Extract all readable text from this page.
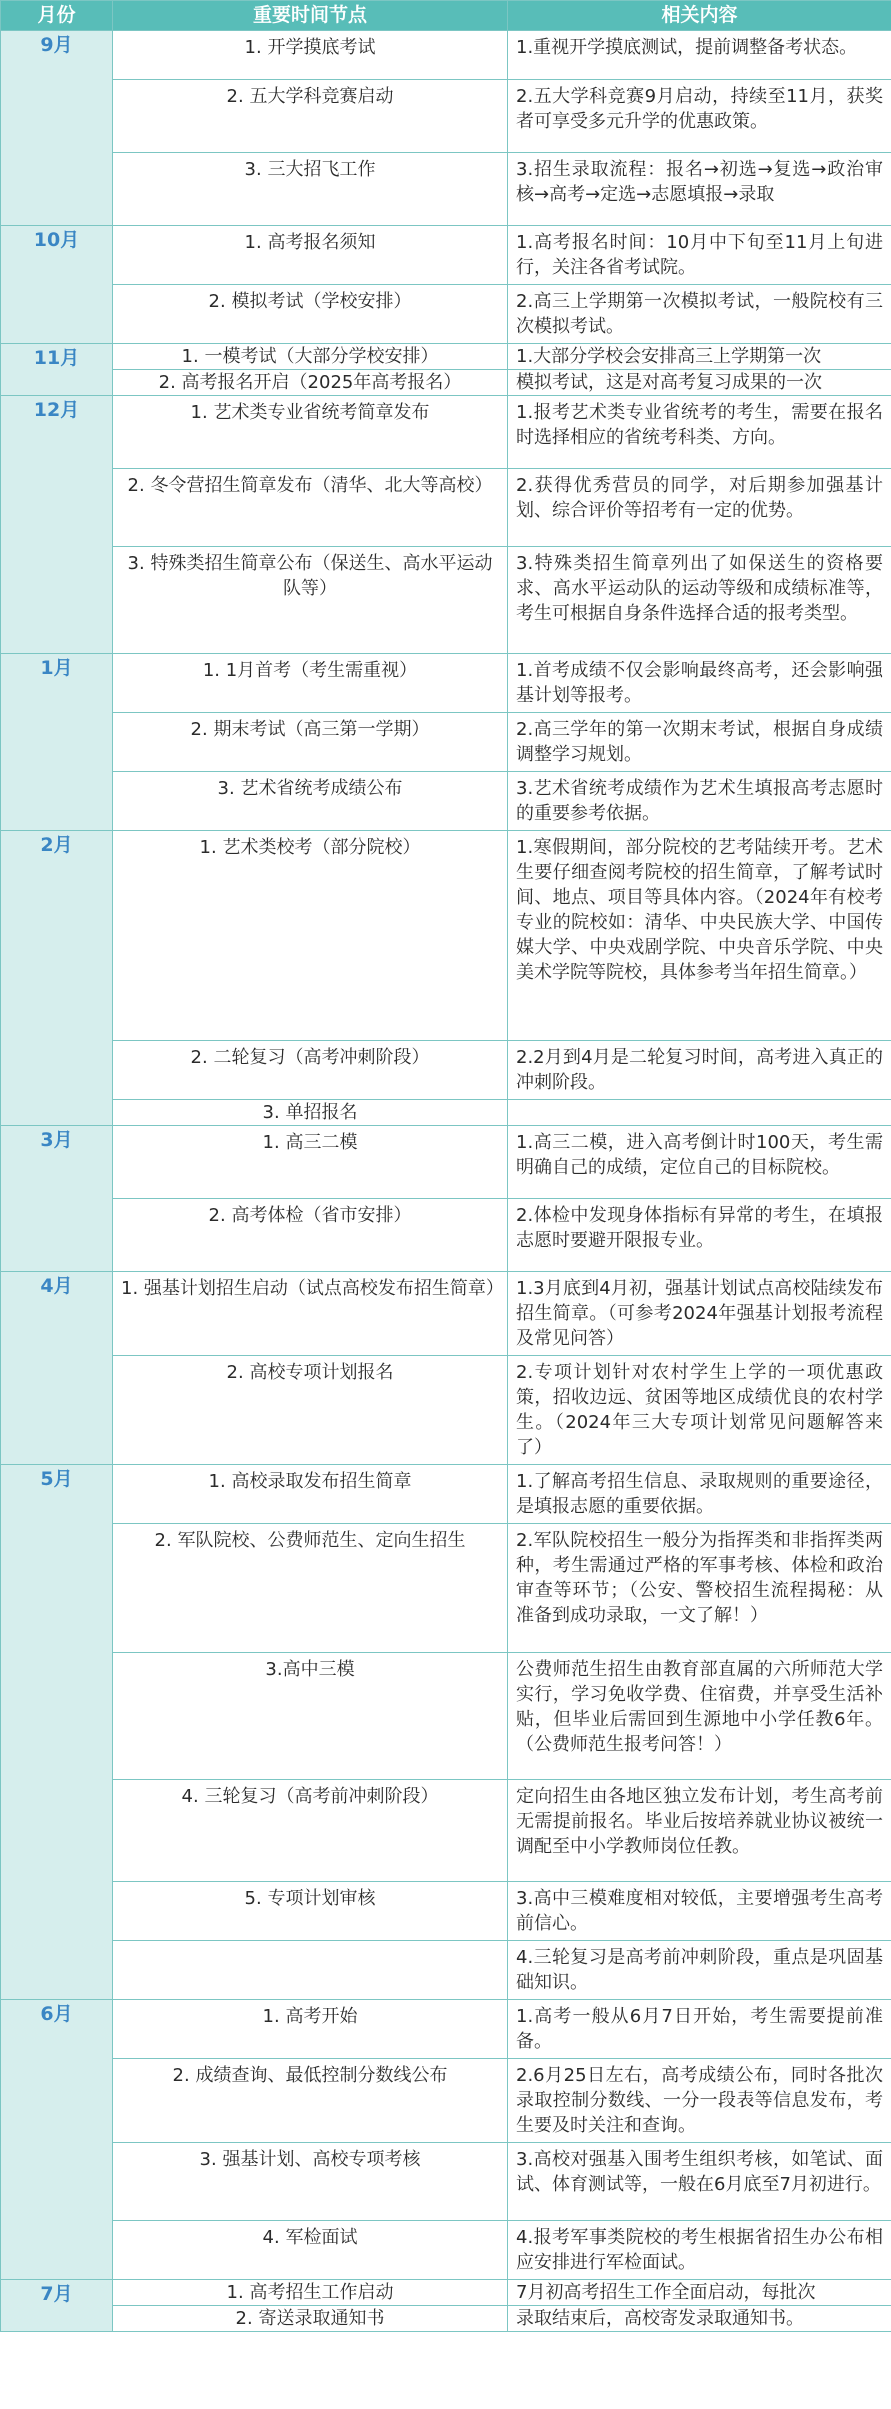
月份	重要时间节点	相关内容
9月	1. 开学摸底考试	1.重视开学摸底测试，提前调整备考状态。
	2. 五大学科竞赛启动	2.五大学科竞赛9月启动，持续至11月，获奖者可享受多元升学的优惠政策。
	3. 三大招飞工作	3.招生录取流程：报名→初选→复选→政治审核→高考→定选→志愿填报→录取
10月	1. 高考报名须知	1.高考报名时间：10月中下旬至11月上旬进行，关注各省考试院。
	2. 模拟考试（学校安排）	2.高三上学期第一次模拟考试，一般院校有三次模拟考试。
11月	1. 一模考试（大部分学校安排）	1.大部分学校会安排高三上学期第一次
	2. 高考报名开启（2025年高考报名）	模拟考试，这是对高考复习成果的一次
12月	1. 艺术类专业省统考简章发布	1.报考艺术类专业省统考的考生，需要在报名时选择相应的省统考科类、方向。
	2. 冬令营招生简章发布（清华、北大等高校）	2.获得优秀营员的同学，对后期参加强基计划、综合评价等招考有一定的优势。
	3. 特殊类招生简章公布（保送生、高水平运动队等）	3.特殊类招生简章列出了如保送生的资格要求、高水平运动队的运动等级和成绩标准等，考生可根据自身条件选择合适的报考类型。
1月	1. 1月首考（考生需重视）	1.首考成绩不仅会影响最终高考，还会影响强基计划等报考。
	2. 期末考试（高三第一学期）	2.高三学年的第一次期末考试，根据自身成绩调整学习规划。
	3. 艺术省统考成绩公布	3.艺术省统考成绩作为艺术生填报高考志愿时的重要参考依据。
2月	1. 艺术类校考（部分院校）	1.寒假期间，部分院校的艺考陆续开考。艺术生要仔细查阅考院校的招生简章，了解考试时间、地点、项目等具体内容。（2024年有校考专业的院校如：清华、中央民族大学、中国传媒大学、中央戏剧学院、中央音乐学院、中央美术学院等院校，具体参考当年招生简章。）
	2. 二轮复习（高考冲刺阶段）	2.2月到4月是二轮复习时间，高考进入真正的冲刺阶段。
	3. 单招报名	
3月	1. 高三二模	1.高三二模，进入高考倒计时100天，考生需明确自己的成绩，定位自己的目标院校。
	2. 高考体检（省市安排）	2.体检中发现身体指标有异常的考生，在填报志愿时要避开限报专业。
4月	1. 强基计划招生启动（试点高校发布招生简章）	1.3月底到4月初，强基计划试点高校陆续发布招生简章。（可参考2024年强基计划报考流程及常见问答）
	2. 高校专项计划报名	2.专项计划针对农村学生上学的一项优惠政策，招收边远、贫困等地区成绩优良的农村学生。（2024年三大专项计划常见问题解答来了）
5月	1. 高校录取发布招生简章	1.了解高考招生信息、录取规则的重要途径，是填报志愿的重要依据。
	2. 军队院校、公费师范生、定向生招生	2.军队院校招生一般分为指挥类和非指挥类两种，考生需通过严格的军事考核、体检和政治审查等环节；（公安、警校招生流程揭秘：从准备到成功录取，一文了解！）
	3.高中三模	公费师范生招生由教育部直属的六所师范大学实行，学习免收学费、住宿费，并享受生活补贴，但毕业后需回到生源地中小学任教6年。（公费师范生报考问答！）
	4. 三轮复习（高考前冲刺阶段）	定向招生由各地区独立发布计划，考生高考前无需提前报名。毕业后按培养就业协议被统一调配至中小学教师岗位任教。
	5. 专项计划审核	3.高中三模难度相对较低，主要增强考生高考前信心。
		4.三轮复习是高考前冲刺阶段，重点是巩固基础知识。
6月	1. 高考开始	1.高考一般从6月7日开始，考生需要提前准备。
	2. 成绩查询、最低控制分数线公布	2.6月25日左右，高考成绩公布，同时各批次录取控制分数线、一分一段表等信息发布，考生要及时关注和查询。
	3. 强基计划、高校专项考核	3.高校对强基入围考生组织考核，如笔试、面试、体育测试等，一般在6月底至7月初进行。
	4. 军检面试	4.报考军事类院校的考生根据省招生办公布相应安排进行军检面试。
7月	1. 高考招生工作启动	7月初高考招生工作全面启动，每批次
	2. 寄送录取通知书	录取结束后，高校寄发录取通知书。
